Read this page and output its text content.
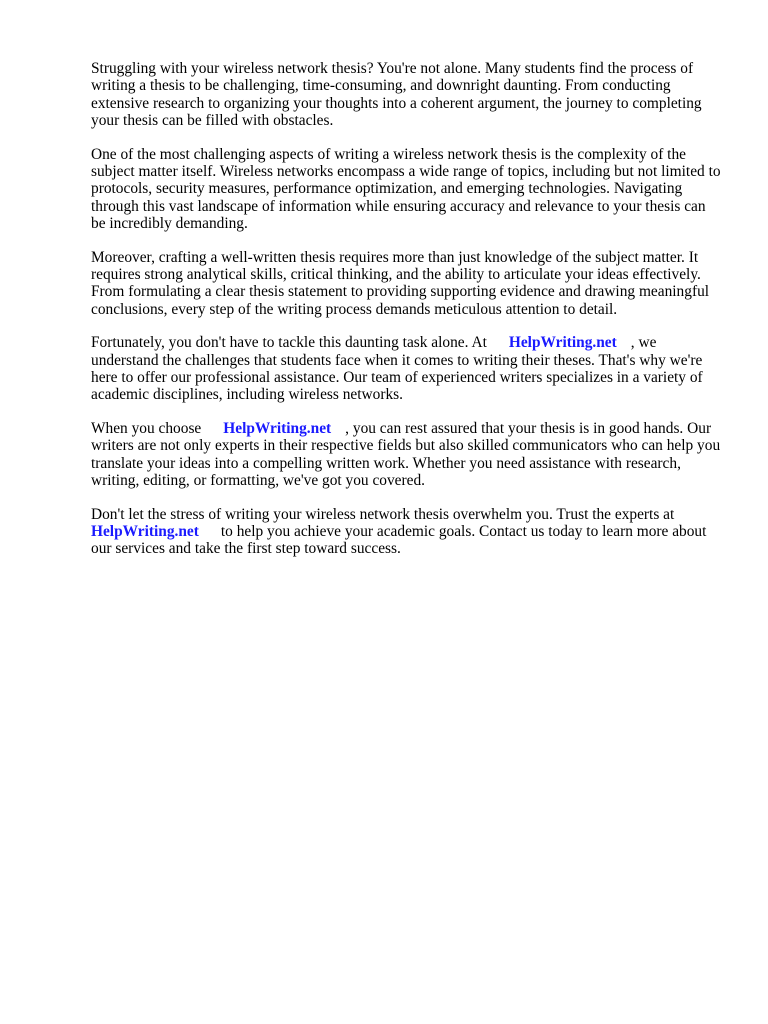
Struggling with your wireless network thesis? You're not alone. Many students find the process of writing a thesis to be challenging, time-consuming, and downright daunting. From conducting extensive research to organizing your thoughts into a coherent argument, the journey to completing your thesis can be filled with obstacles.

One of the most challenging aspects of writing a wireless network thesis is the complexity of the subject matter itself. Wireless networks encompass a wide range of topics, including but not limited to protocols, security measures, performance optimization, and emerging technologies. Navigating through this vast landscape of information while ensuring accuracy and relevance to your thesis can be incredibly demanding.

Moreover, crafting a well-written thesis requires more than just knowledge of the subject matter. It requires strong analytical skills, critical thinking, and the ability to articulate your ideas effectively. From formulating a clear thesis statement to providing supporting evidence and drawing meaningful conclusions, every step of the writing process demands meticulous attention to detail.

Fortunately, you don't have to tackle this daunting task alone. At HelpWriting.net , we understand the challenges that students face when it comes to writing their theses. That's why we're here to offer our professional assistance. Our team of experienced writers specializes in a variety of academic disciplines, including wireless networks.

When you choose HelpWriting.net , you can rest assured that your thesis is in good hands. Our writers are not only experts in their respective fields but also skilled communicators who can help you translate your ideas into a compelling written work. Whether you need assistance with research, writing, editing, or formatting, we've got you covered.

Don't let the stress of writing your wireless network thesis overwhelm you. Trust the experts at HelpWriting.net to help you achieve your academic goals. Contact us today to learn more about our services and take the first step toward success.
